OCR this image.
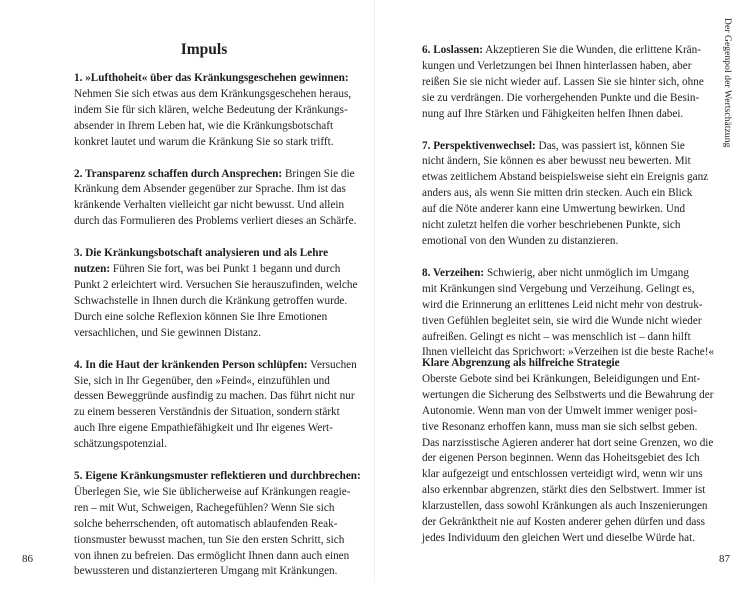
Impuls

1. »Lufthoheit« über das Kränkungsgeschehen gewinnen:

Nehmen Sie sich etwas aus dem Kränkungsgeschehen heraus,

indem Sie für sich klären, welche Bedeutung der Kränkungs-

absender in Ihrem Leben hat, wie die Kränkungsbotschaft

konkret lautet und warum die Kränkung Sie so stark trifft.

2. Transparenz schaffen durch Ansprechen: Bringen Sie die

Kränkung dem Absender gegenüber zur Sprache. Ihm ist das

kränkende Verhalten vielleicht gar nicht bewusst. Und allein

durch das Formulieren des Problems verliert dieses an Schärfe.

3. Die Kränkungsbotschaft analysieren und als Lehre

nutzen: Führen Sie fort, was bei Punkt 1 begann und durch

Punkt 2 erleichtert wird. Versuchen Sie herauszufinden, welche

Schwachstelle in Ihnen durch die Kränkung getroffen wurde.

Durch eine solche Reflexion können Sie Ihre Emotionen

versachlichen, und Sie gewinnen Distanz.

4. In die Haut der kränkenden Person schlüpfen: Versuchen

Sie, sich in Ihr Gegenüber, den »Feind«, einzufühlen und

dessen Beweggründe ausfindig zu machen. Das führt nicht nur

zu einem besseren Verständnis der Situation, sondern stärkt

auch Ihre eigene Empathiefähigkeit und Ihr eigenes Wert-

schätzungspotenzial.

5. Eigene Kränkungsmuster reflektieren und durchbrechen:

Überlegen Sie, wie Sie üblicherweise auf Kränkungen reagie-

ren – mit Wut, Schweigen, Rachegefühlen? Wenn Sie sich

solche beherrschenden, oft automatisch ablaufenden Reak-

tionsmuster bewusst machen, tun Sie den ersten Schritt, sich

von ihnen zu befreien. Das ermöglicht Ihnen dann auch einen

bewussteren und distanzierteren Umgang mit Kränkungen.

86

6. Loslassen: Akzeptieren Sie die Wunden, die erlittene Krän-

kungen und Verletzungen bei Ihnen hinterlassen haben, aber

reißen Sie sie nicht wieder auf. Lassen Sie sie hinter sich, ohne

sie zu verdrängen. Die vorhergehenden Punkte und die Besin-

nung auf Ihre Stärken und Fähigkeiten helfen Ihnen dabei.

7. Perspektivenwechsel: Das, was passiert ist, können Sie

nicht ändern, Sie können es aber bewusst neu bewerten. Mit

etwas zeitlichem Abstand beispielsweise sieht ein Ereignis ganz

anders aus, als wenn Sie mitten drin stecken. Auch ein Blick

auf die Nöte anderer kann eine Umwertung bewirken. Und

nicht zuletzt helfen die vorher beschriebenen Punkte, sich

emotional von den Wunden zu distanzieren.

8. Verzeihen: Schwierig, aber nicht unmöglich im Umgang

mit Kränkungen sind Vergebung und Verzeihung. Gelingt es,

wird die Erinnerung an erlittenes Leid nicht mehr von destruk-

tiven Gefühlen begleitet sein, sie wird die Wunde nicht wieder

aufreißen. Gelingt es nicht – was menschlich ist – dann hilft

Ihnen vielleicht das Sprichwort: »Verzeihen ist die beste Rache!«

Klare Abgrenzung als hilfreiche Strategie

Oberste Gebote sind bei Kränkungen, Beleidigungen und Ent-

wertungen die Sicherung des Selbstwerts und die Bewahrung der

Autonomie. Wenn man von der Umwelt immer weniger posi-

tive Resonanz erhoffen kann, muss man sie sich selbst geben.

Das narzisstische Agieren anderer hat dort seine Grenzen, wo die

der eigenen Person beginnen. Wenn das Hoheitsgebiet des Ich

klar aufgezeigt und entschlossen verteidigt wird, wenn wir uns

also erkennbar abgrenzen, stärkt dies den Selbstwert. Immer ist

klarzustellen, dass sowohl Kränkungen als auch Inszenierungen

der Gekränktheit nie auf Kosten anderer gehen dürfen und dass

jedes Individuum den gleichen Wert und dieselbe Würde hat.

87
Der Gegenpol der Wertschätzung
